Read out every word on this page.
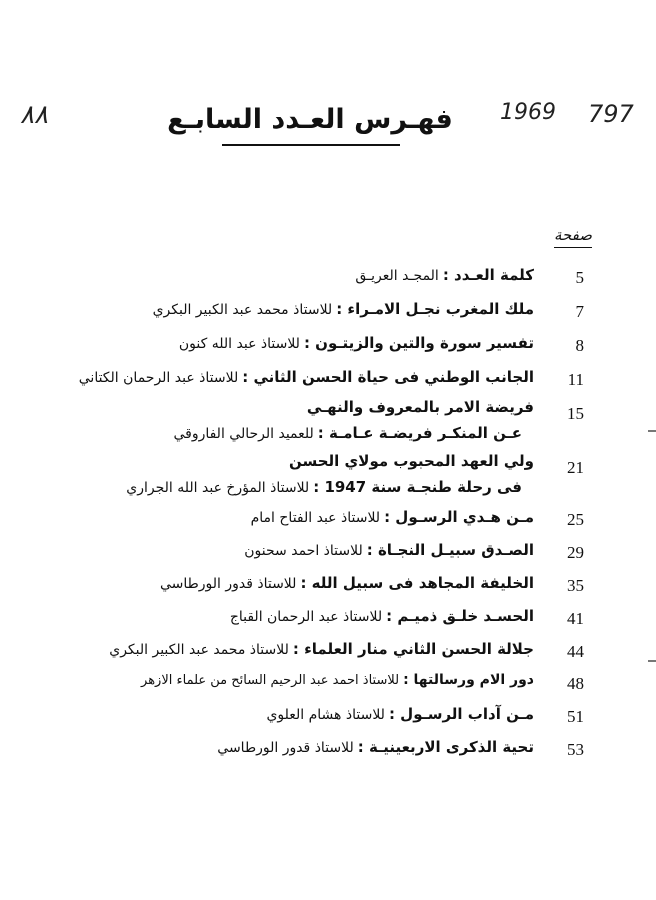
٨٨	فهـرس العـدد السابـع	1969 797
صفحة
5
كلمة العـدد :المجـد العريـق
7
ملك المغرب نجـل الامـراء :للاستاذ محمد عبد الكبير البكري
8
تفسير سورة والتين والزيتـون :للاستاذ عبد الله كنون
11
الجانب الوطني فى حياة الحسن الثاني :للاستاذ عبد الرحمان الكتاني
15
فريضة الامر بالمعروف والنهـي
عـن المنكـر فريضـة عـامـة :للعميد الرحالي الفاروقي
21
ولي العهد المحبوب مولاي الحسن
فى رحلة طنجـة سنة 1947 :للاستاذ المؤرخ عبد الله الجراري
25
مـن هـدي الرسـول :للاستاذ عبد الفتاح امام
29
الصـدق سبيـل النجـاة :للاستاذ احمد سحنون
35
الخليفة المجاهد فى سبيل الله :للاستاذ قدور الورطاسي
41
الحسـد خلـق ذميـم :للاستاذ عبد الرحمان القباج
44
جلالة الحسن الثاني منار العلماء :للاستاذ محمد عبد الكبير البكري
48
دور الام ورسالتها :للاستاذ احمد عبد الرحيم السائح من علماء الازهر
51
مـن آداب الرسـول :للاستاذ هشام العلوي
53
تحية الذكرى الاربعينيـة :للاستاذ قدور الورطاسي
